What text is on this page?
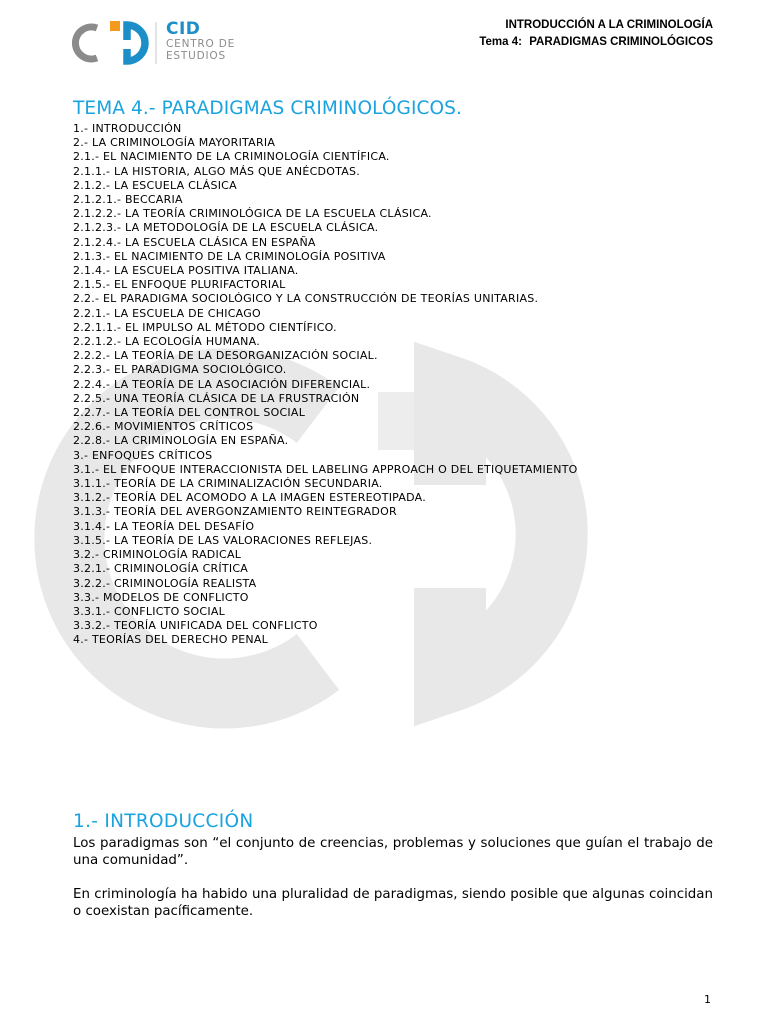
CID
CENTRO DE
ESTUDIOS
INTRODUCCIÓN A LA CRIMINOLOGÍA
Tema 4: PARADIGMAS CRIMINOLÓGICOS
TEMA 4.- PARADIGMAS CRIMINOLÓGICOS.
1.- INTRODUCCIÓN
2.- LA CRIMINOLOGÍA MAYORITARIA
2.1.- EL NACIMIENTO DE LA CRIMINOLOGÍA CIENTÍFICA.
2.1.1.- LA HISTORIA, ALGO MÁS QUE ANÉCDOTAS.
2.1.2.- LA ESCUELA CLÁSICA
2.1.2.1.- BECCARIA
2.1.2.2.- LA TEORÍA CRIMINOLÓGICA DE LA ESCUELA CLÁSICA.
2.1.2.3.- LA METODOLOGÍA DE LA ESCUELA CLÁSICA.
2.1.2.4.- LA ESCUELA CLÁSICA EN ESPAÑA
2.1.3.- EL NACIMIENTO DE LA CRIMINOLOGÍA POSITIVA
2.1.4.- LA ESCUELA POSITIVA ITALIANA.
2.1.5.- EL ENFOQUE PLURIFACTORIAL
2.2.- EL PARADIGMA SOCIOLÓGICO Y LA CONSTRUCCIÓN DE TEORÍAS UNITARIAS.
2.2.1.- LA ESCUELA DE CHICAGO
2.2.1.1.- EL IMPULSO AL MÉTODO CIENTÍFICO.
2.2.1.2.- LA ECOLOGÍA HUMANA.
2.2.2.- LA TEORÍA DE LA DESORGANIZACIÓN SOCIAL.
2.2.3.- EL PARADIGMA SOCIOLÓGICO.
2.2.4.- LA TEORÍA DE LA ASOCIACIÓN DIFERENCIAL.
2.2.5.- UNA TEORÍA CLÁSICA DE LA FRUSTRACIÓN
2.2.7.- LA TEORÍA DEL CONTROL SOCIAL
2.2.6.- MOVIMIENTOS CRÍTICOS
2.2.8.- LA CRIMINOLOGÍA EN ESPAÑA.
3.- ENFOQUES CRÍTICOS
3.1.- EL ENFOQUE INTERACCIONISTA DEL LABELING APPROACH O DEL ETIQUETAMIENTO
3.1.1.- TEORÍA DE LA CRIMINALIZACIÓN SECUNDARIA.
3.1.2.- TEORÍA DEL ACOMODO A LA IMAGEN ESTEREOTIPADA.
3.1.3.- TEORÍA DEL AVERGONZAMIENTO REINTEGRADOR
3.1.4.- LA TEORÍA DEL DESAFÍO
3.1.5.- LA TEORÍA DE LAS VALORACIONES REFLEJAS.
3.2.- CRIMINOLOGÍA RADICAL
3.2.1.- CRIMINOLOGÍA CRÍTICA
3.2.2.- CRIMINOLOGÍA REALISTA
3.3.- MODELOS DE CONFLICTO
3.3.1.- CONFLICTO SOCIAL
3.3.2.- TEORÍA UNIFICADA DEL CONFLICTO
4.- TEORÍAS DEL DERECHO PENAL
1.- INTRODUCCIÓN

Los paradigmas son “el conjunto de creencias, problemas y soluciones que guían el trabajo de una comunidad”.

En criminología ha habido una pluralidad de paradigmas, siendo posible que algunas coincidan o coexistan pacíficamente.

1
